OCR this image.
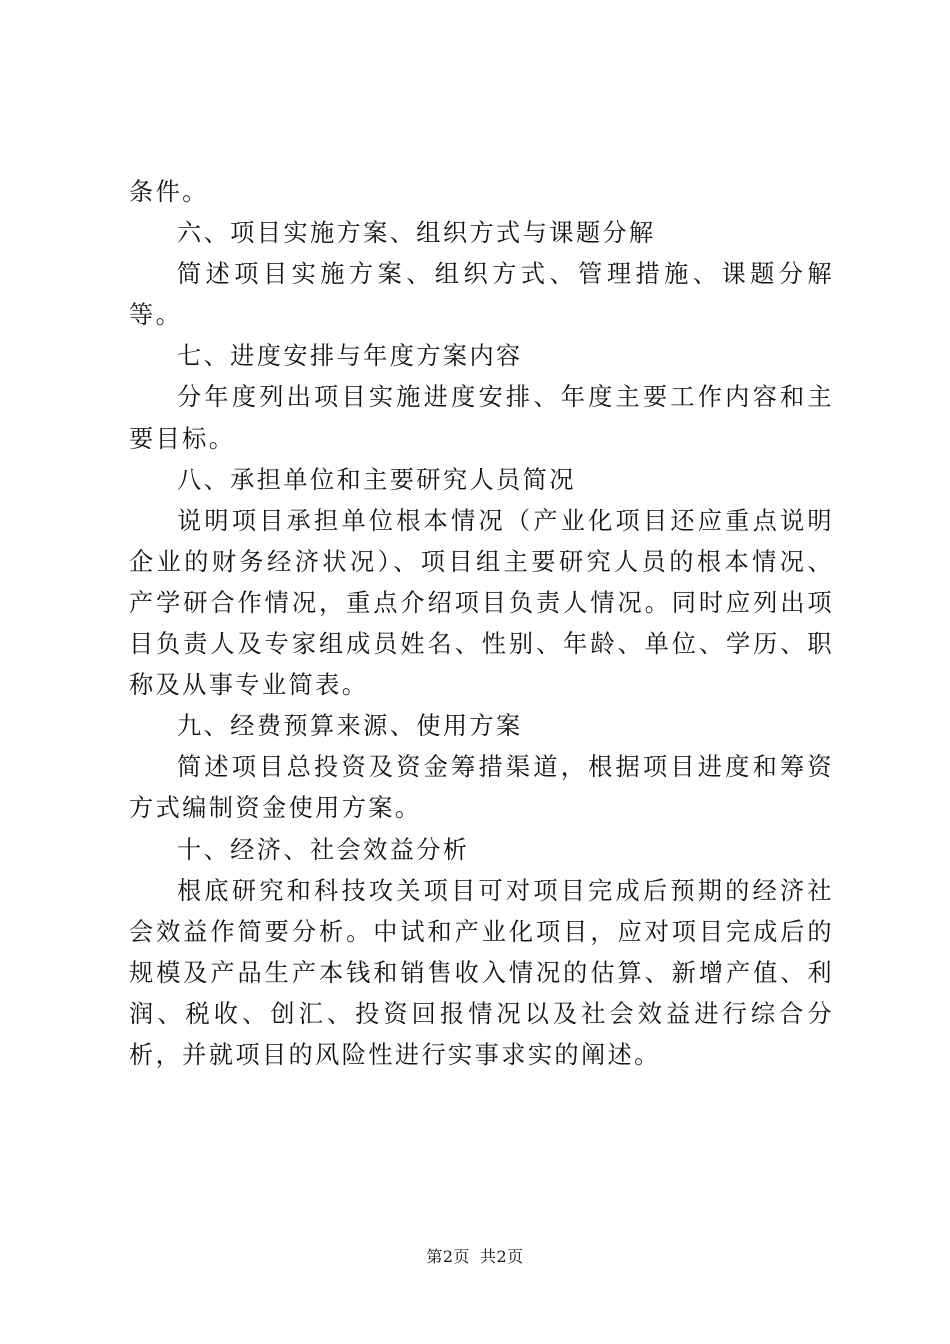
条件。

六、项目实施方案、组织方式与课题分解

简述项目实施方案、组织方式、管理措施、课题分解等。

七、进度安排与年度方案内容

分年度列出项目实施进度安排、年度主要工作内容和主要目标。

八、承担单位和主要研究人员简况

说明项目承担单位根本情况（产业化项目还应重点说明企业的财务经济状况）、项目组主要研究人员的根本情况、产学研合作情况，重点介绍项目负责人情况。同时应列出项目负责人及专家组成员姓名、性别、年龄、单位、学历、职称及从事专业简表。

九、经费预算来源、使用方案

简述项目总投资及资金筹措渠道，根据项目进度和筹资方式编制资金使用方案。

十、经济、社会效益分析

根底研究和科技攻关项目可对项目完成后预期的经济社会效益作简要分析。中试和产业化项目，应对项目完成后的规模及产品生产本钱和销售收入情况的估算、新增产值、利润、税收、创汇、投资回报情况以及社会效益进行综合分析，并就项目的风险性进行实事求实的阐述。

第2页 共2页
